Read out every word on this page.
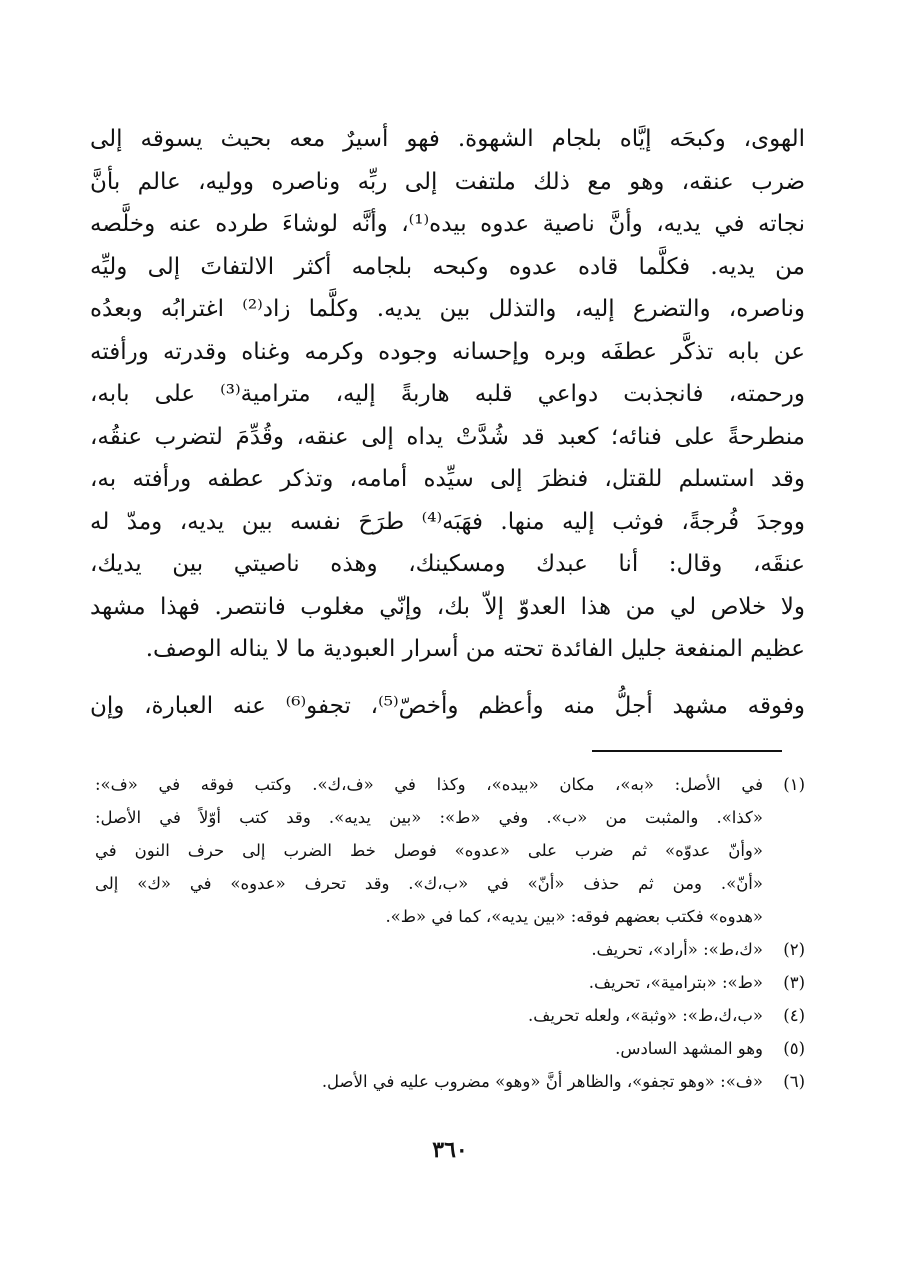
الهوى، وكبحَه إيَّاه بلجام الشهوة. فهو أسيرٌ معه بحيث يسوقه إلى
ضرب عنقه، وهو مع ذلك ملتفت إلى ربِّه وناصره ووليه، عالم بأنَّ
نجاته في يديه، وأنَّ ناصية عدوه بيده⁽¹⁾، وأنَّه لوشاءَ طرده عنه وخلَّصه
من يديه. فكلَّما قاده عدوه وكبحه بلجامه أكثر الالتفاتَ إلى وليِّه
وناصره، والتضرع إليه، والتذلل بين يديه. وكلَّما زاد⁽²⁾ اغترابُه وبعدُه
عن بابه تذكَّر عطفَه وبره وإحسانه وجوده وكرمه وغناه وقدرته ورأفته
ورحمته، فانجذبت دواعي قلبه هاربةً إليه، مترامية⁽³⁾ على بابه،
منطرحةً على فنائه؛ كعبد قد شُدَّتْ يداه إلى عنقه، وقُدِّمَ لتضرب عنقُه،
وقد استسلم للقتل، فنظرَ إلى سيِّده أمامه، وتذكر عطفه ورأفته به،
ووجدَ فُرجةً، فوثب إليه منها. فهَبَه⁽⁴⁾ طرَحَ نفسه بين يديه، ومدّ له
عنقَه، وقال: أنا عبدك ومسكينك، وهذه ناصيتي بين يديك،
ولا خلاص لي من هذا العدوّ إلاّ بك، وإنّي مغلوب فانتصر. فهذا مشهد
عظيم المنفعة جليل الفائدة تحته من أسرار العبودية ما لا يناله الوصف.
وفوقه مشهد أجلُّ منه وأعظم وأخصّ⁽⁵⁾، تجفو⁽⁶⁾ عنه العبارة، وإن
(١)
في الأصل: «به»، مكان «بيده»، وكذا في «ف،ك». وكتب فوقه في «ف»:
«كذا». والمثبت من «ب». وفي «ط»: «بين يديه». وقد كتب أوّلاً في الأصل:
«وأنّ عدوّه» ثم ضرب على «عدوه» فوصل خط الضرب إلى حرف النون في
«أنّ». ومن ثم حذف «أنّ» في «ب،ك». وقد تحرف «عدوه» في «ك» إلى
«هدوه» فكتب بعضهم فوقه: «بين يديه»، كما في «ط».
(٢)
«ك،ط»: «أراد»، تحريف.
(٣)
«ط»: «بترامية»، تحريف.
(٤)
«ب،ك،ط»: «وثبة»، ولعله تحريف.
(٥)
وهو المشهد السادس.
(٦)
«ف»: «وهو تجفو»، والظاهر أنَّ «وهو» مضروب عليه في الأصل.
٣٦٠
